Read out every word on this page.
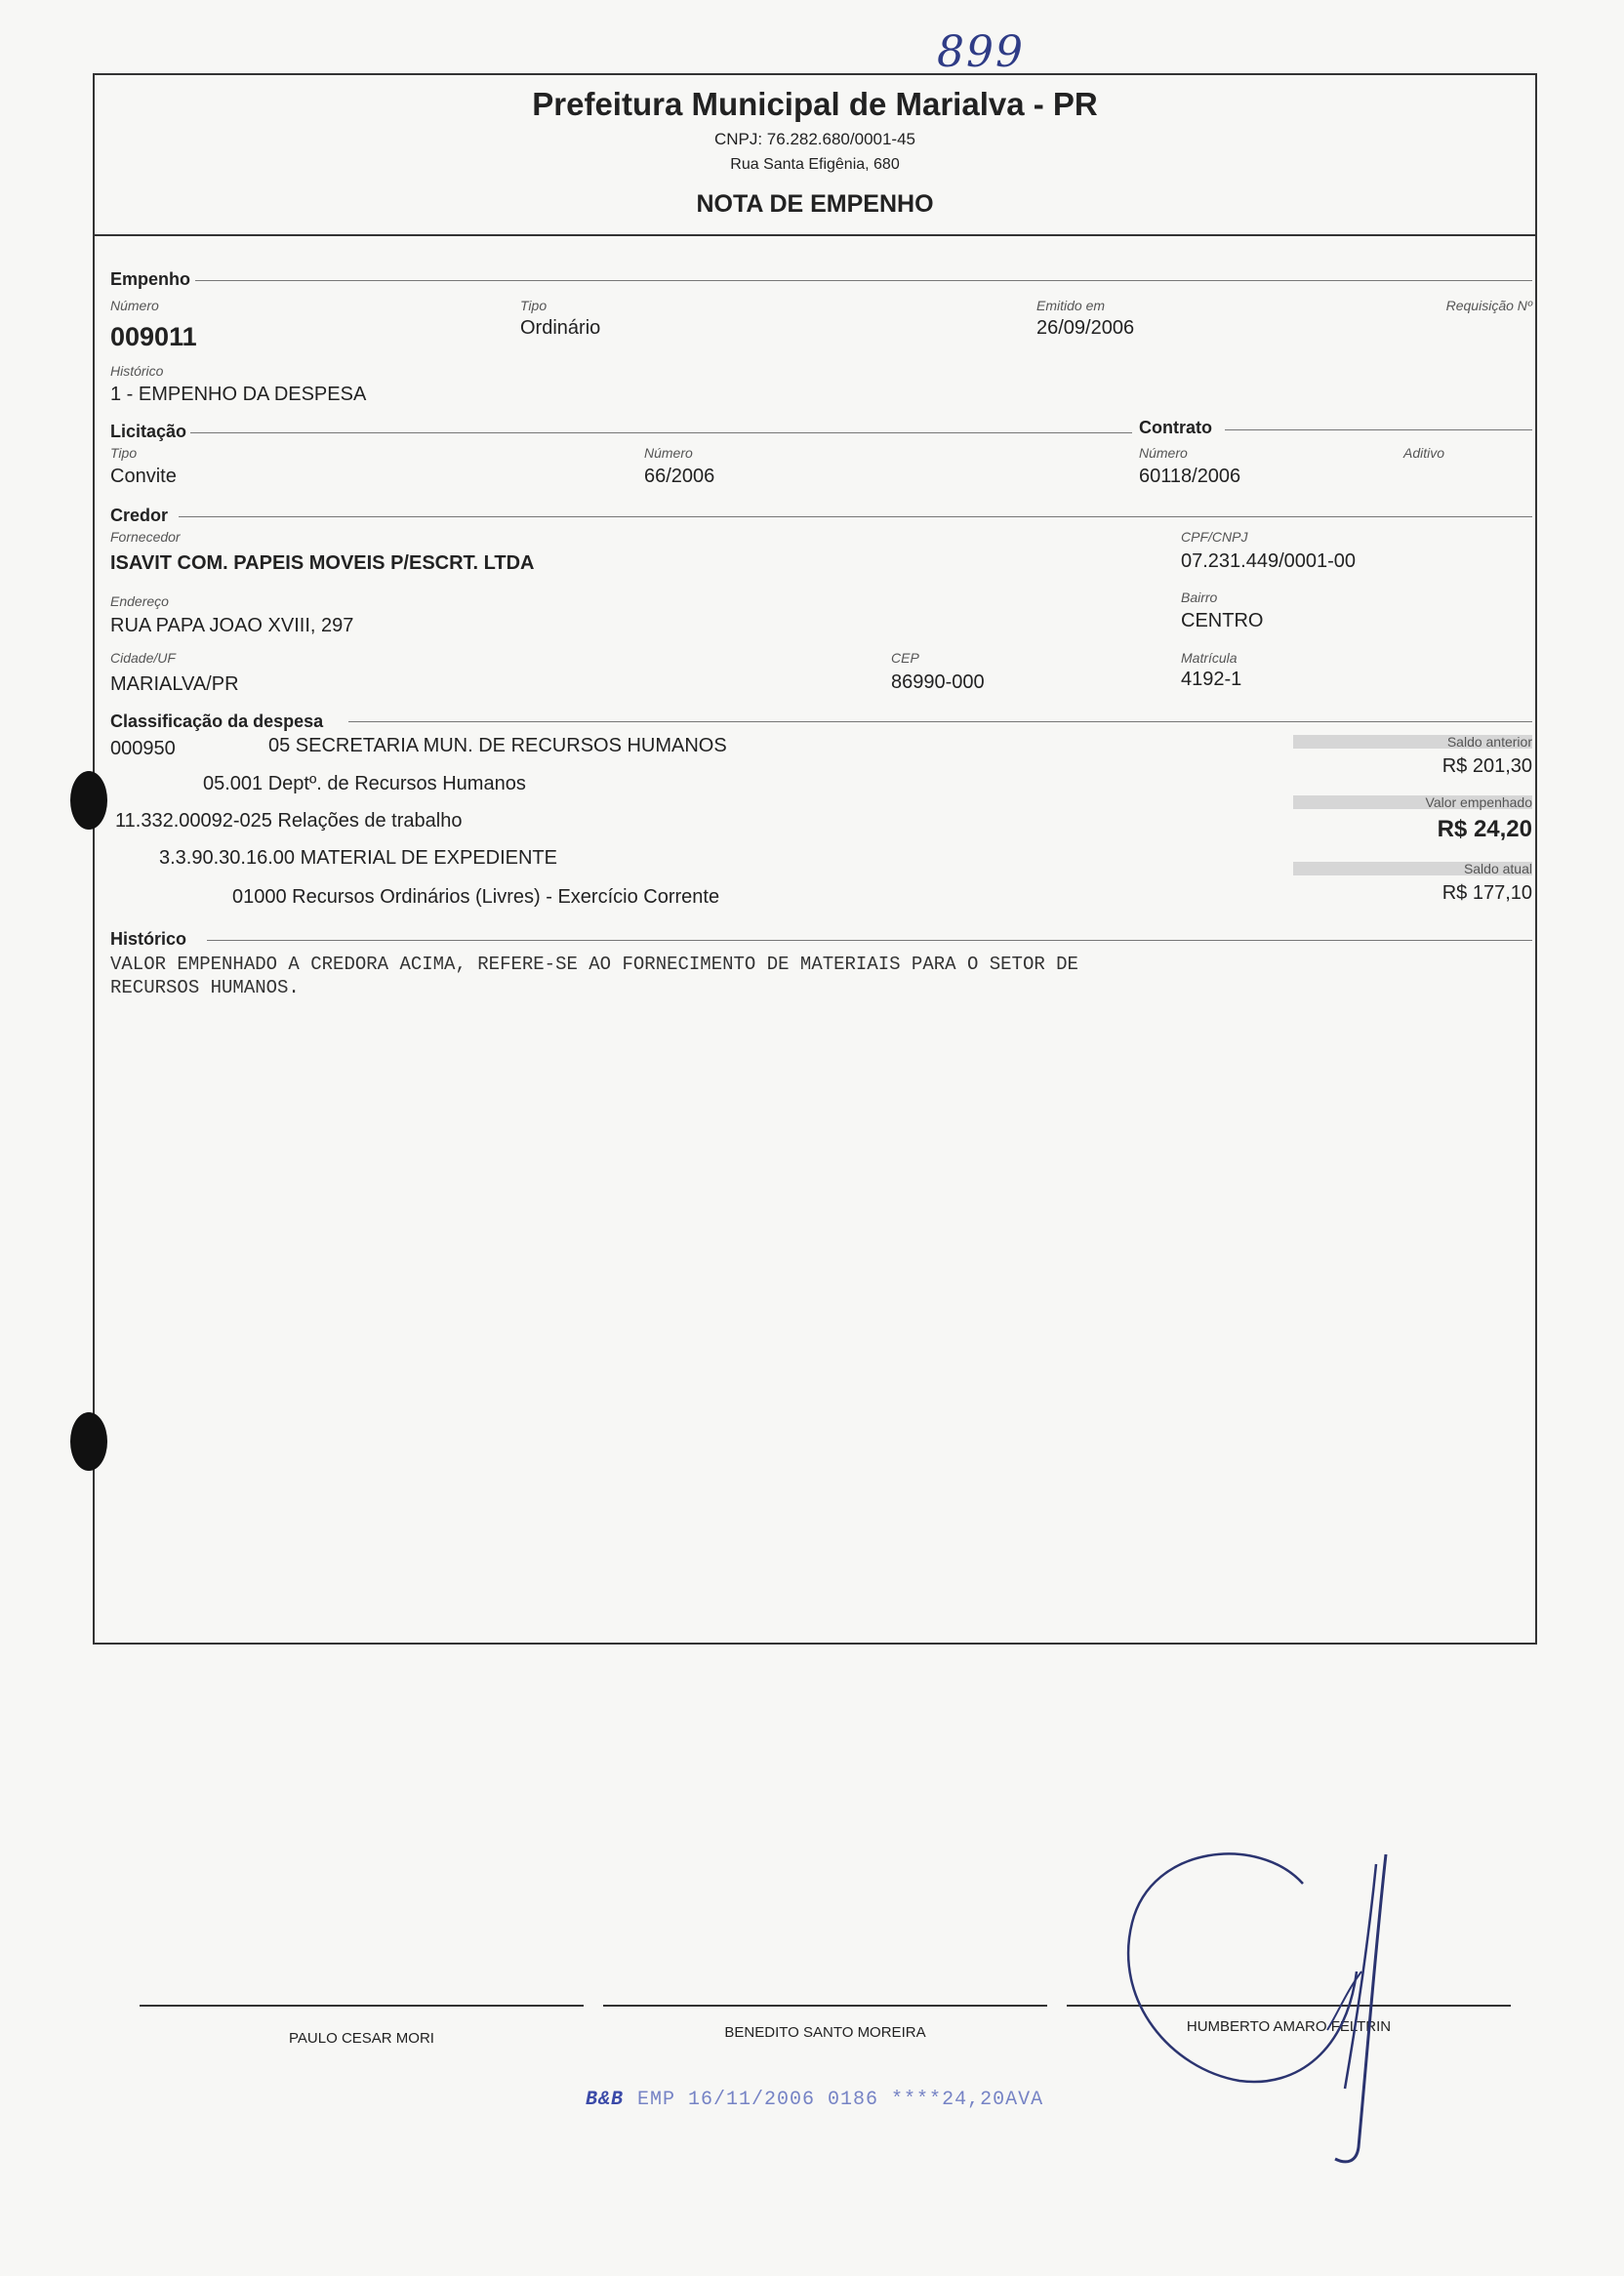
899
Prefeitura Municipal de Marialva - PR
CNPJ: 76.282.680/0001-45
Rua Santa Efigênia, 680
NOTA DE EMPENHO
Empenho
Número
009011
Tipo
Ordinário
Emitido em
26/09/2006
Requisição Nº
Histórico
1 - EMPENHO DA DESPESA
Licitação
Tipo
Convite
Número
66/2006
Contrato
Número
60118/2006
Aditivo
Credor
Fornecedor
ISAVIT COM. PAPEIS MOVEIS P/ESCRT. LTDA
CPF/CNPJ
07.231.449/0001-00
Endereço
RUA PAPA JOAO XVIII, 297
Bairro
CENTRO
Cidade/UF
MARIALVA/PR
CEP
86990-000
Matrícula
4192-1
Classificação da despesa
000950	05 SECRETARIA MUN. DE RECURSOS HUMANOS
05.001 Deptº. de Recursos Humanos
11.332.00092-025 Relações de trabalho
3.3.90.30.16.00 MATERIAL DE EXPEDIENTE
01000 Recursos Ordinários (Livres) - Exercício Corrente
Saldo anterior
R$ 201,30
Valor empenhado
R$ 24,20
Saldo atual
R$ 177,10
Histórico
VALOR EMPENHADO A CREDORA ACIMA, REFERE-SE AO FORNECIMENTO DE MATERIAIS PARA O SETOR DE
RECURSOS HUMANOS.
PAULO CESAR MORI	BENEDITO SANTO MOREIRA	HUMBERTO AMARO FELTRIN
B&B EMP 16/11/2006 0186 ****24,20AVA
